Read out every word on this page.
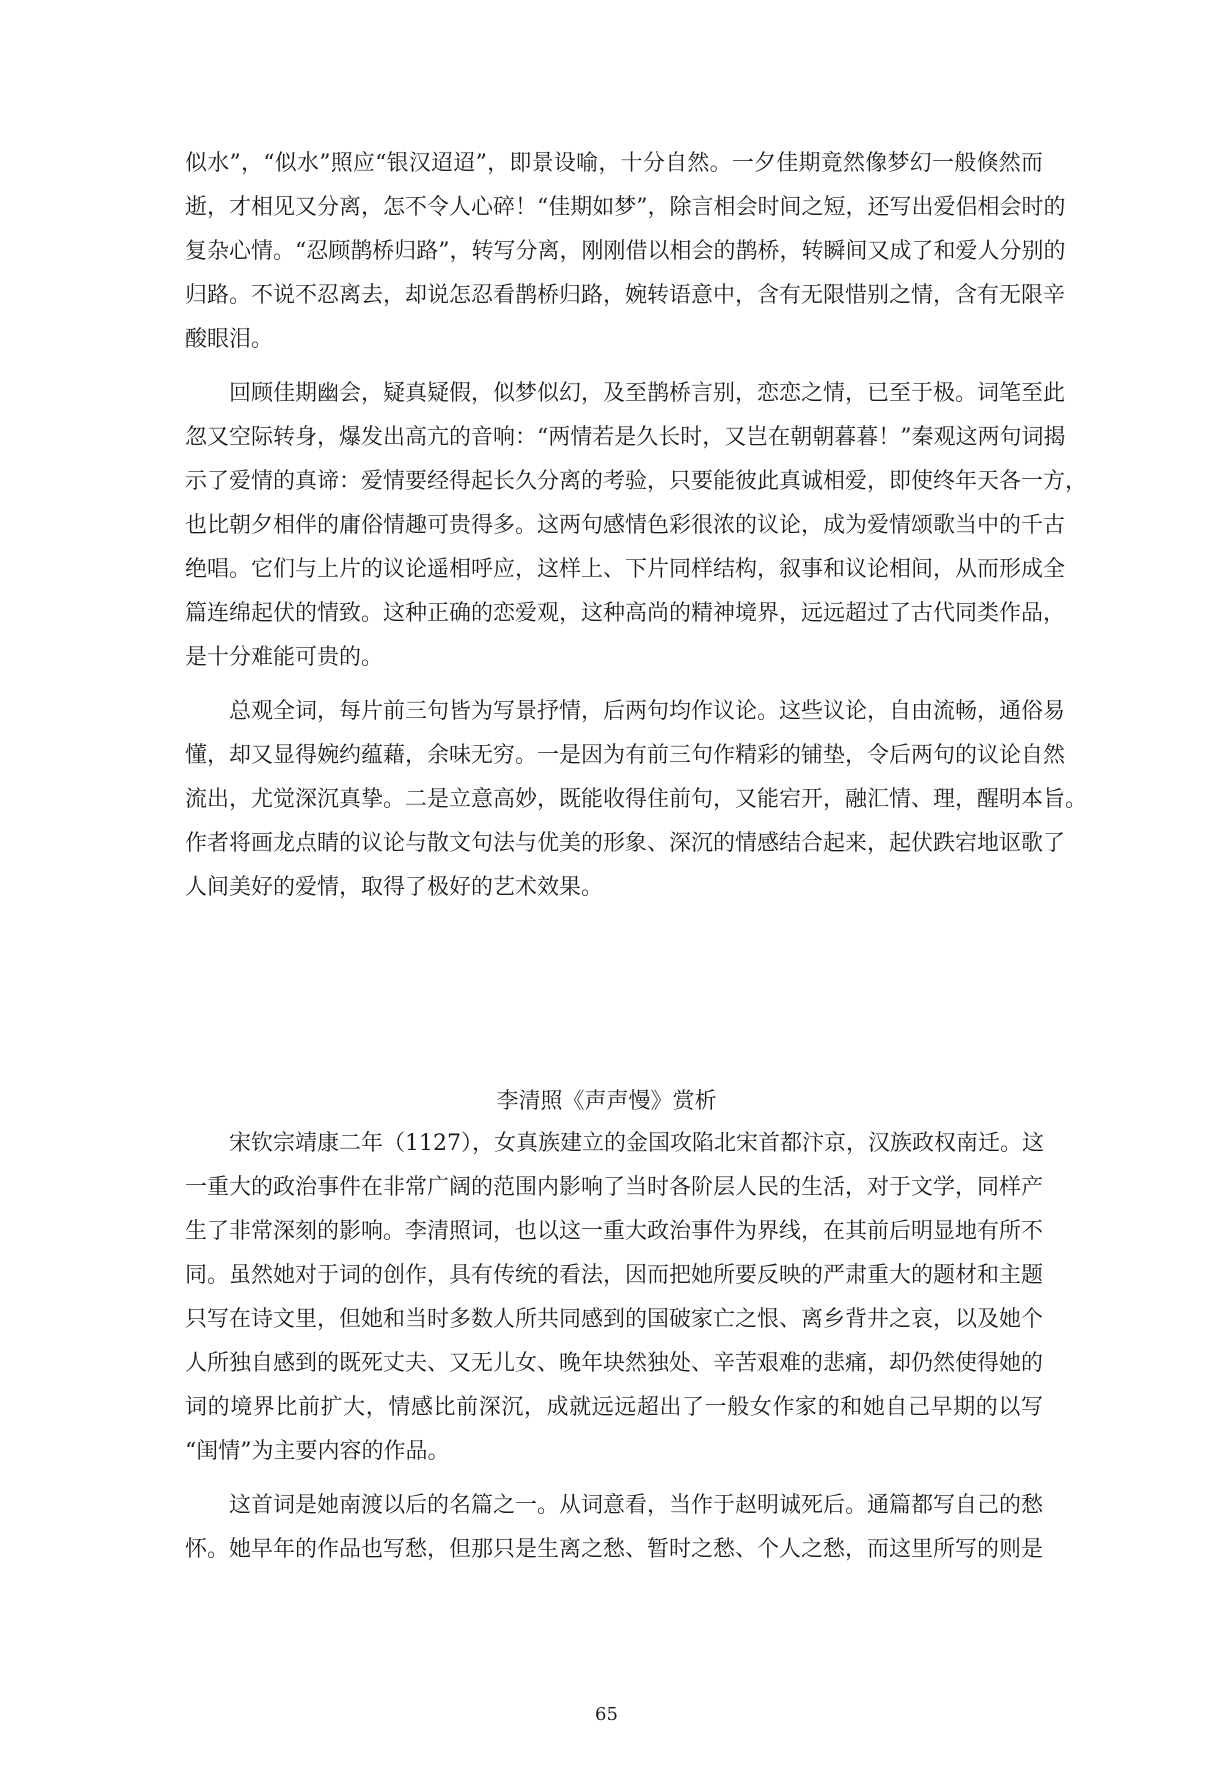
似水”，“似水”照应“银汉迢迢”，即景设喻，十分自然。一夕佳期竟然像梦幻一般倏然而
逝，才相见又分离，怎不令人心碎！“佳期如梦”，除言相会时间之短，还写出爱侣相会时的
复杂心情。“忍顾鹊桥归路”，转写分离，刚刚借以相会的鹊桥，转瞬间又成了和爱人分别的
归路。不说不忍离去，却说怎忍看鹊桥归路，婉转语意中，含有无限惜别之情，含有无限辛
酸眼泪。
回顾佳期幽会，疑真疑假，似梦似幻，及至鹊桥言别，恋恋之情，已至于极。词笔至此
忽又空际转身，爆发出高亢的音响：“两情若是久长时，又岂在朝朝暮暮！”秦观这两句词揭
示了爱情的真谛：爱情要经得起长久分离的考验，只要能彼此真诚相爱，即使终年天各一方，
也比朝夕相伴的庸俗情趣可贵得多。这两句感情色彩很浓的议论，成为爱情颂歌当中的千古
绝唱。它们与上片的议论遥相呼应，这样上、下片同样结构，叙事和议论相间，从而形成全
篇连绵起伏的情致。这种正确的恋爱观，这种高尚的精神境界，远远超过了古代同类作品，
是十分难能可贵的。
总观全词，每片前三句皆为写景抒情，后两句均作议论。这些议论，自由流畅，通俗易
懂，却又显得婉约蕴藉，余味无穷。一是因为有前三句作精彩的铺垫，令后两句的议论自然
流出，尤觉深沉真挚。二是立意高妙，既能收得住前句，又能宕开，融汇情、理，醒明本旨。
作者将画龙点睛的议论与散文句法与优美的形象、深沉的情感结合起来，起伏跌宕地讴歌了
人间美好的爱情，取得了极好的艺术效果。
李清照《声声慢》赏析
宋钦宗靖康二年（1127），女真族建立的金国攻陷北宋首都汴京，汉族政权南迁。这
一重大的政治事件在非常广阔的范围内影响了当时各阶层人民的生活，对于文学，同样产
生了非常深刻的影响。李清照词，也以这一重大政治事件为界线，在其前后明显地有所不
同。虽然她对于词的创作，具有传统的看法，因而把她所要反映的严肃重大的题材和主题
只写在诗文里，但她和当时多数人所共同感到的国破家亡之恨、离乡背井之哀，以及她个
人所独自感到的既死丈夫、又无儿女、晚年块然独处、辛苦艰难的悲痛，却仍然使得她的
词的境界比前扩大，情感比前深沉，成就远远超出了一般女作家的和她自己早期的以写
“闺情”为主要内容的作品。
这首词是她南渡以后的名篇之一。从词意看，当作于赵明诚死后。通篇都写自己的愁
怀。她早年的作品也写愁，但那只是生离之愁、暂时之愁、个人之愁，而这里所写的则是
65
